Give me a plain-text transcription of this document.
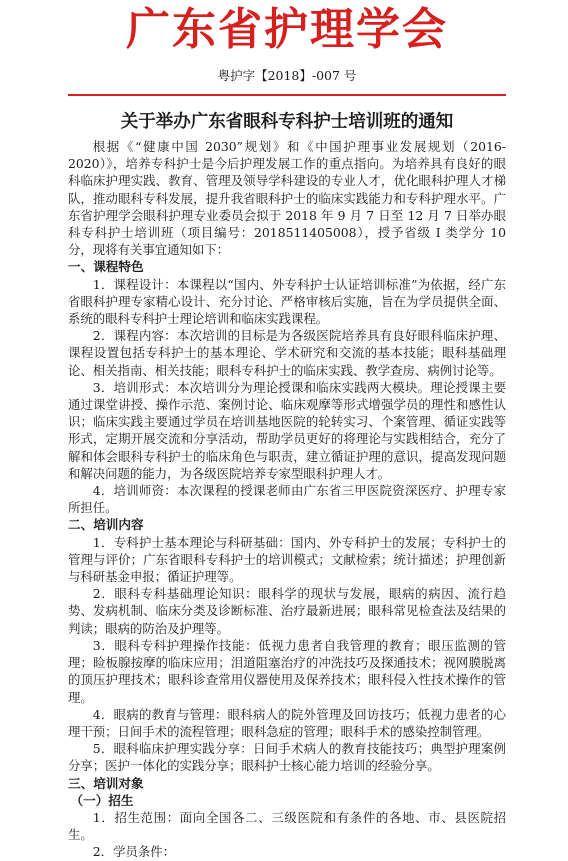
广东省护理学会
粤护字【2018】-007 号
关于举办广东省眼科专科护士培训班的通知

根据《“健康中国 2030”规划》和《中国护理事业发展规划（2016-2020）》，培养专科护士是今后护理发展工作的重点指向。为培养具有良好的眼科临床护理实践、教育、管理及领导学科建设的专业人才，优化眼科护理人才梯队，推动眼科专科发展，提升我省眼科护士的临床实践能力和专科护理水平。广东省护理学会眼科护理专业委员会拟于 2018 年 9 月 7 日至 12 月 7 日举办眼科专科护士培训班（项目编号：2018511405008），授予省级 I 类学分 10 分，现将有关事宜通知如下：

一、课程特色

1．课程设计：本课程以“国内、外专科护士认证培训标准”为依据，经广东省眼科护理专家精心设计、充分讨论、严格审核后实施，旨在为学员提供全面、系统的眼科专科护士理论培训和临床实践课程。

2．课程内容：本次培训的目标是为各级医院培养具有良好眼科临床护理、课程设置包括专科护士的基本理论、学术研究和交流的基本技能；眼科基础理论、相关指南、相关技能；眼科专科护士的临床实践、教学查房、病例讨论等。

3．培训形式：本次培训分为理论授课和临床实践两大模块。理论授课主要通过课堂讲授、操作示范、案例讨论、临床观摩等形式增强学员的理性和感性认识；临床实践主要通过学员在培训基地医院的轮转实习、个案管理、循证实践等形式，定期开展交流和分享活动，帮助学员更好的将理论与实践相结合，充分了解和体会眼科专科护士的临床角色与职责，建立循证护理的意识，提高发现问题和解决问题的能力，为各级医院培养专家型眼科护理人才。

4．培训师资：本次课程的授课老师由广东省三甲医院资深医疗、护理专家所担任。

二、培训内容

1．专科护士基本理论与科研基础：国内、外专科护士的发展；专科护士的管理与评价；广东省眼科专科护士的培训模式；文献检索；统计描述；护理创新与科研基金申报；循证护理等。

2．眼科专科基础理论知识：眼科学的现状与发展，眼病的病因、流行趋势、发病机制、临床分类及诊断标准、治疗最新进展；眼科常见检查法及结果的判读；眼病的防治及护理等。

3．眼科专科护理操作技能：低视力患者自我管理的教育；眼压监测的管理；睑板腺按摩的临床应用；泪道阻塞治疗的冲洗技巧及探通技术；视网膜脱离的顶压护理技术；眼科诊查常用仪器使用及保养技术；眼科侵入性技术操作的管理。

4．眼病的教育与管理：眼科病人的院外管理及回访技巧；低视力患者的心理干预；日间手术的流程管理；眼科急症的管理；眼科手术的感染控制管理。

5．眼科临床护理实践分享：日间手术病人的教育技能技巧；典型护理案例分享；医护一体化的实践分享；眼科护士核心能力培训的经验分享。

三、培训对象
（一）招生

1．招生范围：面向全国各二、三级医院和有条件的各地、市、县医院招生。

2．学员条件：
